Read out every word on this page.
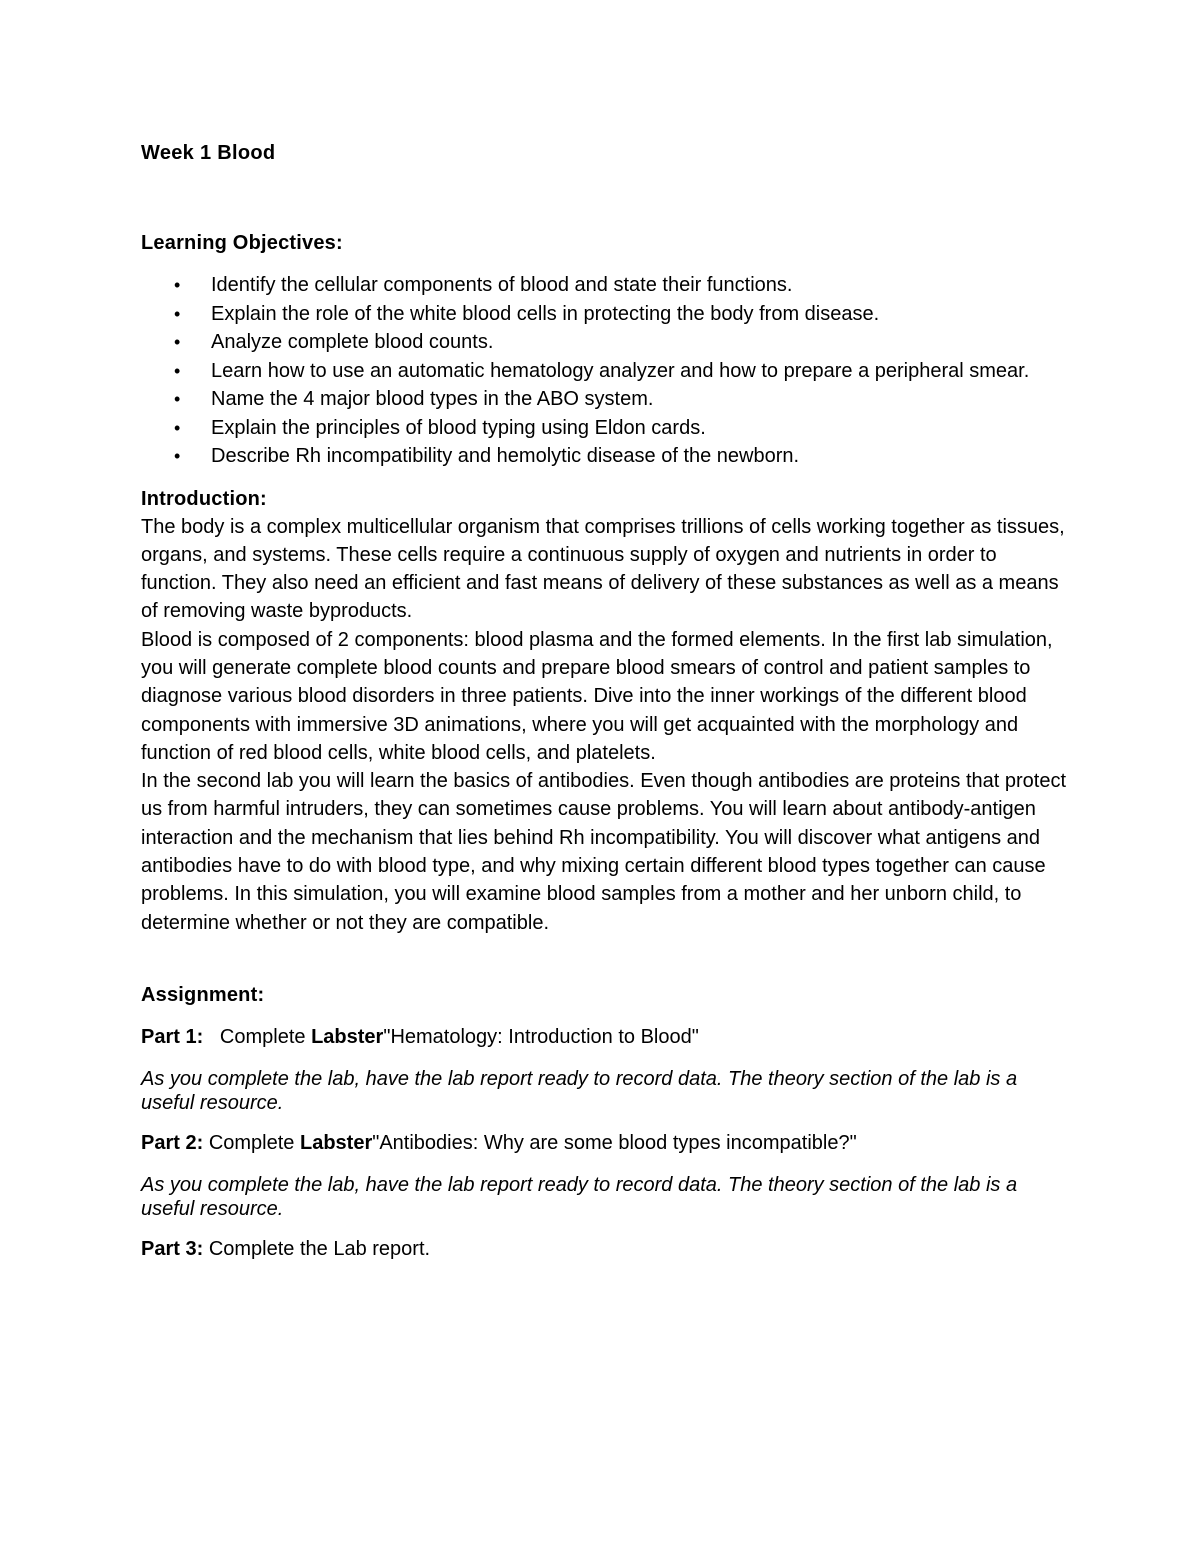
Week 1 Blood
Learning Objectives:
• Identify the cellular components of blood and state their functions.
• Explain the role of the white blood cells in protecting the body from disease.
• Analyze complete blood counts.
• Learn how to use an automatic hematology analyzer and how to prepare a peripheral smear.
• Name the 4 major blood types in the ABO system.
• Explain the principles of blood typing using Eldon cards.
• Describe Rh incompatibility and hemolytic disease of the newborn.
Introduction:

The body is a complex multicellular organism that comprises trillions of cells working together as tissues, organs, and systems. These cells require a continuous supply of oxygen and nutrients in order to function. They also need an efficient and fast means of delivery of these substances as well as a means of removing waste byproducts.

Blood is composed of 2 components: blood plasma and the formed elements. In the first lab simulation, you will generate complete blood counts and prepare blood smears of control and patient samples to diagnose various blood disorders in three patients. Dive into the inner workings of the different blood components with immersive 3D animations, where you will get acquainted with the morphology and function of red blood cells, white blood cells, and platelets.

In the second lab you will learn the basics of antibodies. Even though antibodies are proteins that protect us from harmful intruders, they can sometimes cause problems. You will learn about antibody-antigen interaction and the mechanism that lies behind Rh incompatibility. You will discover what antigens and antibodies have to do with blood type, and why mixing certain different blood types together can cause problems. In this simulation, you will examine blood samples from a mother and her unborn child, to determine whether or not they are compatible.

Assignment:

Part 1: Complete Labster"Hematology: Introduction to Blood"

As you complete the lab, have the lab report ready to record data. The theory section of the lab is a useful resource.

Part 2: Complete Labster"Antibodies: Why are some blood types incompatible?"

As you complete the lab, have the lab report ready to record data. The theory section of the lab is a useful resource.

Part 3: Complete the Lab report.
